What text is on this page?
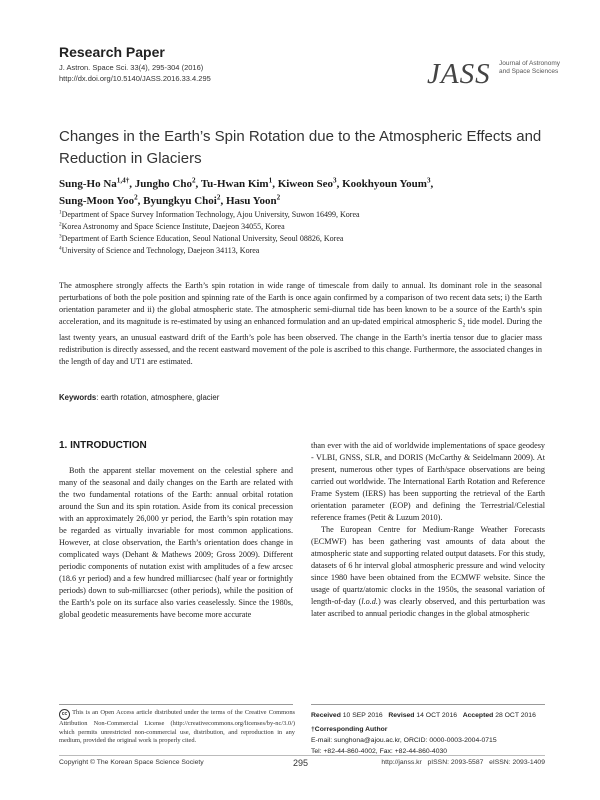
Research Paper
J. Astron. Space Sci. 33(4), 295-304 (2016)
http://dx.doi.org/10.5140/JASS.2016.33.4.295	JASS Journal of Astronomy and Space Sciences
Changes in the Earth’s Spin Rotation due to the Atmospheric Effects and Reduction in Glaciers
Sung-Ho $Na^{1,4\dagger}$, Jungho Cho$^2$, Tu-Hwan Kim$^1$, Kiweon Seo$^3$, Kookhyoun Youm$^3$,
Sung-Moon Yoo$^2$, Byungkyu Choi$^2$, Hasu Yoon$^2$
$^1$Department of Space Survey Information Technology, Ajou University, Suwon 16499, Korea
$^2$Korea Astronomy and Space Science Institute, Daejeon 34055, Korea
$^3$Department of Earth Science Education, Seoul National University, Seoul 08826, Korea
$^4$University of Science and Technology, Daejeon 34113, Korea
The atmosphere strongly affects the Earth’s spin rotation in wide range of timescale from daily to annual. Its dominant role in the seasonal perturbations of both the pole position and spinning rate of the Earth is once again confirmed by a comparison of two recent data sets; i) the Earth orientation parameter and ii) the global atmospheric state. The atmospheric semi-diurnal tide has been known to be a source of the Earth’s spin acceleration, and its magnitude is re-estimated by using an enhanced formulation and an up-dated empirical atmospheric $S_2$ tide model. During the last twenty years, an unusual eastward drift of the Earth’s pole has been observed. The change in the Earth’s inertia tensor due to glacier mass redistribution is directly assessed, and the recent eastward movement of the pole is ascribed to this change. Furthermore, the associated changes in the length of day and UT1 are estimated.
Keywords: earth rotation, atmosphere, glacier
1. INTRODUCTION

Both the apparent stellar movement on the celestial sphere and many of the seasonal and daily changes on the Earth are related with the two fundamental rotations of the Earth: annual orbital rotation around the Sun and its spin rotation. Aside from its conical precession with an approximately 26,000 yr period, the Earth’s spin rotation may be regarded as virtually invariable for most common applications. However, at close observation, the Earth’s orientation does change in complicated ways (Dehant & Mathews 2009; Gross 2009). Different periodic components of nutation exist with amplitudes of a few arcsec (18.6 yr period) and a few hundred milliarcsec (half year or fortnightly periods) down to sub-milliarcsec (other periods), while the position of the Earth’s pole on its surface also varies ceaselessly. Since the 1980s, global geodetic measurements have become more accurate

than ever with the aid of worldwide implementations of space geodesy - VLBI, GNSS, SLR, and DORIS (McCarthy & Seidelmann 2009). At present, numerous other types of Earth/space observations are being carried out worldwide. The International Earth Rotation and Reference Frame System (IERS) has been supporting the retrieval of the Earth orientation parameter (EOP) and defining the Terrestrial/Celestial reference frames (Petit & Luzum 2010).

The European Centre for Medium-Range Weather Forecasts (ECMWF) has been gathering vast amounts of data about the atmospheric state and supporting related output datasets. For this study, datasets of 6 hr interval global atmospheric pressure and wind velocity since 1980 have been obtained from the ECMWF website. Since the usage of quartz/atomic clocks in the 1950s, the seasonal variation of length-of-day (l.o.d.) was clearly observed, and this perturbation was later ascribed to annual periodic changes in the global atmospheric

cc This is an Open Access article distributed under the terms of the Creative Commons Attribution Non-Commercial License (http://creativecommons.org/licenses/by-nc/3.0/) which permits unrestricted non-commercial use, distribution, and reproduction in any medium, provided the original work is properly cited.
Received 10 SEP 2016 Revised 14 OCT 2016 Accepted 28 OCT 2016
†Corresponding Author
E-mail: sunghona@ajou.ac.kr, ORCID: 0000-0003-2004-0715
Tel: +82-44-860-4002, Fax: +82-44-860-4030
Copyright © The Korean Space Science Society	295	http://janss.kr   pISSN: 2093-5587   eISSN: 2093-1409
